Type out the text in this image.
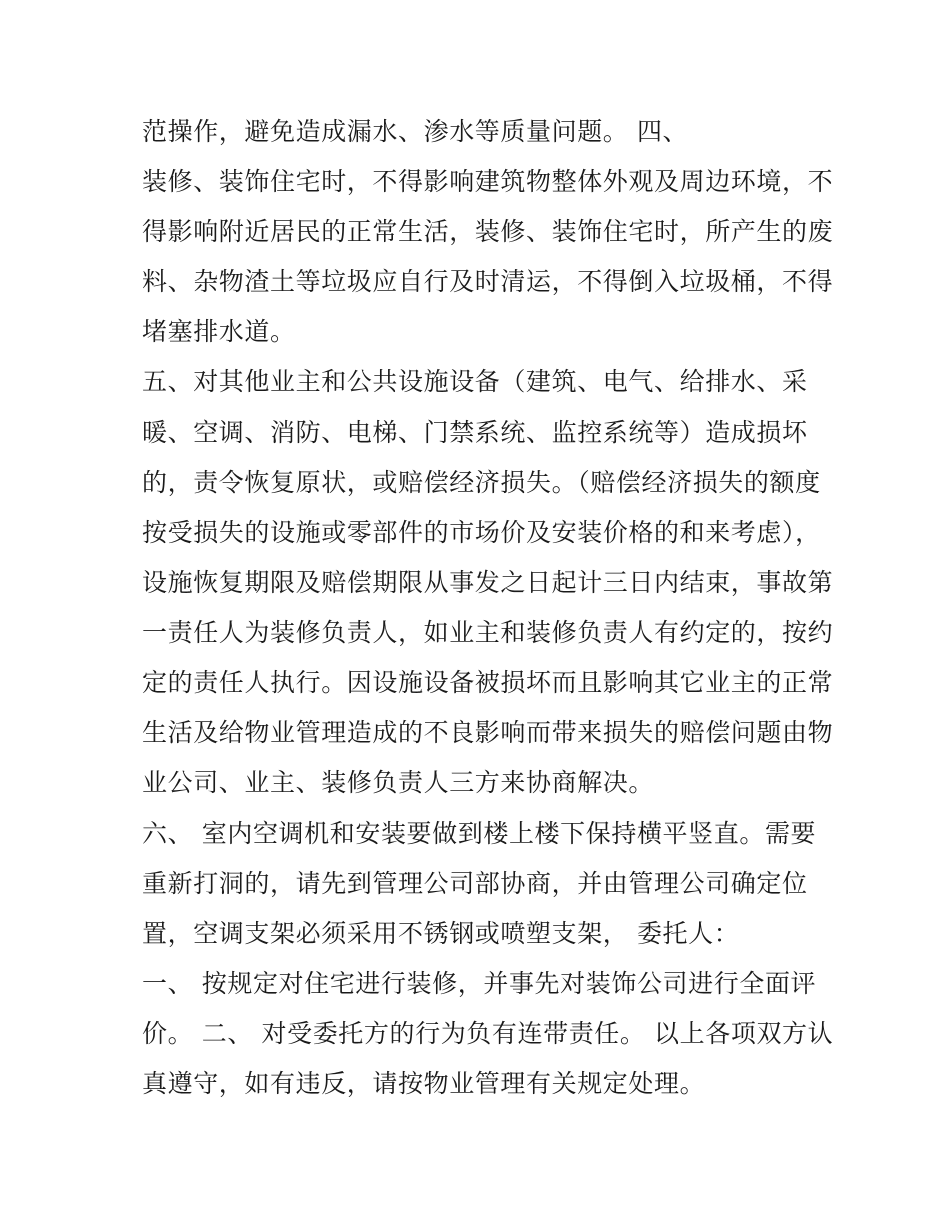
范操作，避免造成漏水、渗水等质量问题。 四、
装修、装饰住宅时，不得影响建筑物整体外观及周边环境，不
得影响附近居民的正常生活，装修、装饰住宅时，所产生的废
料、杂物渣土等垃圾应自行及时清运，不得倒入垃圾桶，不得
堵塞排水道。
五、对其他业主和公共设施设备（建筑、电气、给排水、采
暖、空调、消防、电梯、门禁系统、监控系统等）造成损坏
的，责令恢复原状，或赔偿经济损失。（赔偿经济损失的额度
按受损失的设施或零部件的市场价及安装价格的和来考虑），
设施恢复期限及赔偿期限从事发之日起计三日内结束，事故第
一责任人为装修负责人，如业主和装修负责人有约定的，按约
定的责任人执行。因设施设备被损坏而且影响其它业主的正常
生活及给物业管理造成的不良影响而带来损失的赔偿问题由物
业公司、业主、装修负责人三方来协商解决。
六、 室内空调机和安装要做到楼上楼下保持横平竖直。需要
重新打洞的，请先到管理公司部协商，并由管理公司确定位
置，空调支架必须采用不锈钢或喷塑支架， 委托人：
一、 按规定对住宅进行装修，并事先对装饰公司进行全面评
价。 二、 对受委托方的行为负有连带责任。 以上各项双方认
真遵守，如有违反，请按物业管理有关规定处理。
